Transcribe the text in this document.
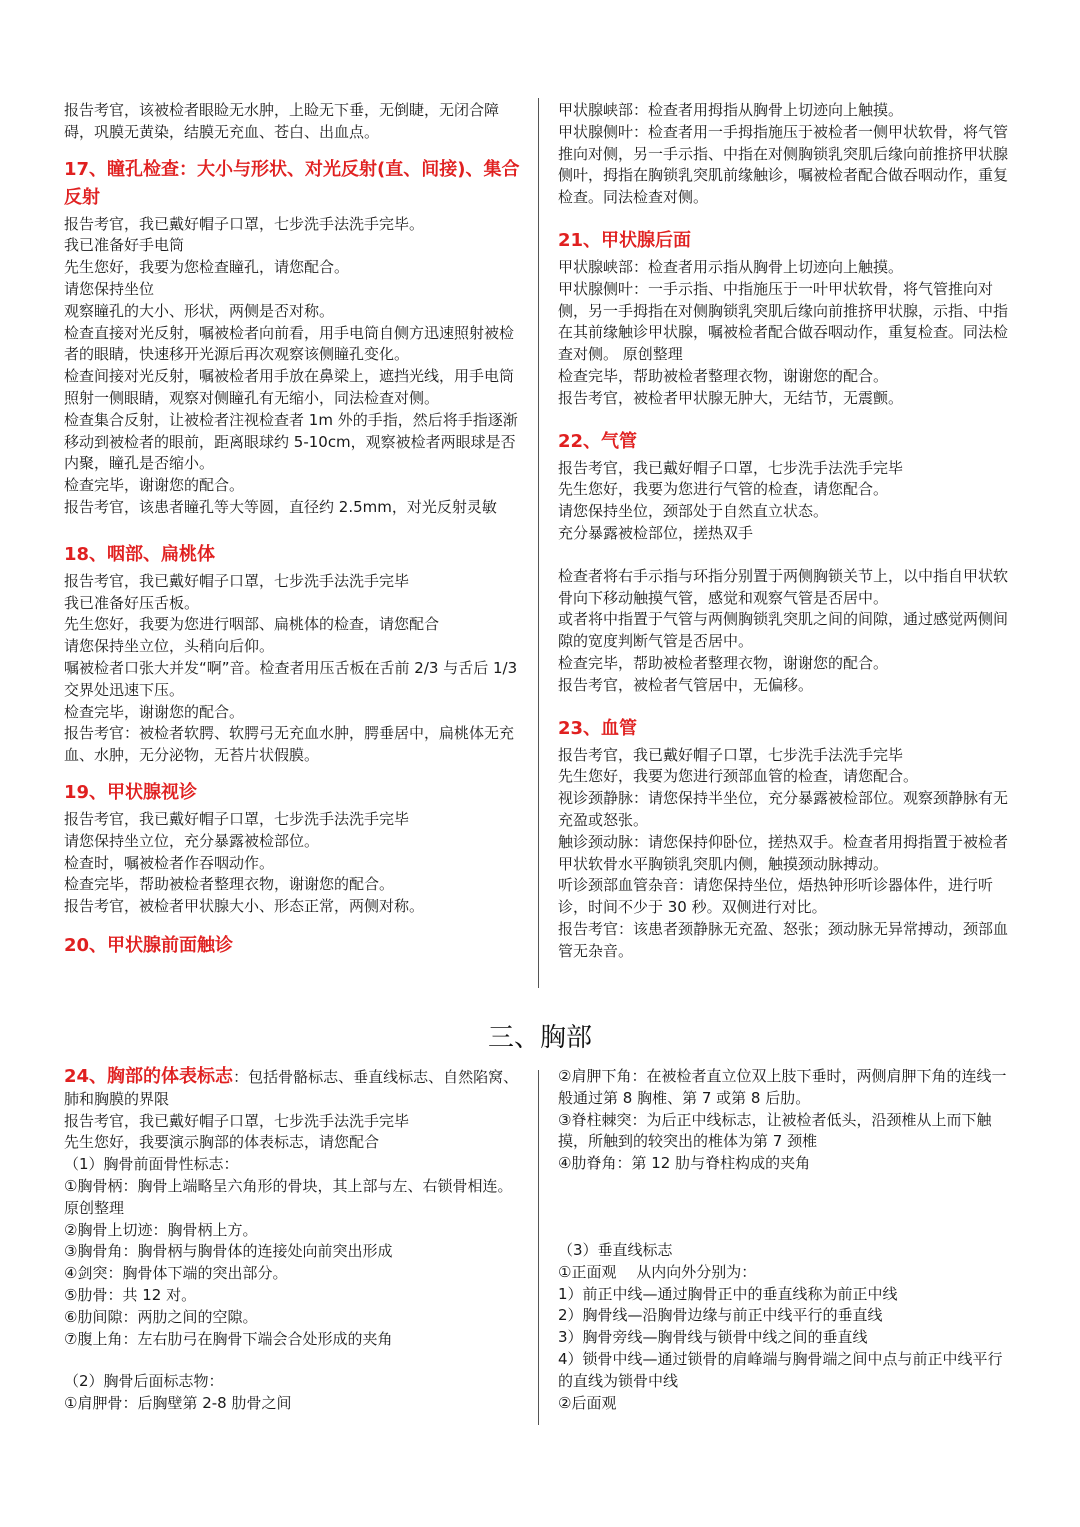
报告考官，该被检者眼睑无水肿，上睑无下垂，无倒睫，无闭合障碍，巩膜无黄染，结膜无充血、苍白、出血点。

17、瞳孔检查：大小与形状、对光反射(直、间接)、集合反射

报告考官，我已戴好帽子口罩，七步洗手法洗手完毕。

我已准备好手电筒

先生您好，我要为您检查瞳孔，请您配合。

请您保持坐位

观察瞳孔的大小、形状，两侧是否对称。

检查直接对光反射，嘱被检者向前看，用手电筒自侧方迅速照射被检者的眼睛，快速移开光源后再次观察该侧瞳孔变化。

检查间接对光反射，嘱被检者用手放在鼻梁上，遮挡光线，用手电筒照射一侧眼睛，观察对侧瞳孔有无缩小，同法检查对侧。

检查集合反射，让被检者注视检查者 1m 外的手指，然后将手指逐渐移动到被检者的眼前，距离眼球约 5-10cm，观察被检者两眼球是否内聚，瞳孔是否缩小。

检查完毕，谢谢您的配合。

报告考官，该患者瞳孔等大等圆，直径约 2.5mm，对光反射灵敏

18、咽部、扁桃体

报告考官，我已戴好帽子口罩，七步洗手法洗手完毕

我已准备好压舌板。

先生您好，我要为您进行咽部、扁桃体的检查，请您配合

请您保持坐立位，头稍向后仰。

嘱被检者口张大并发“啊”音。检查者用压舌板在舌前 2/3 与舌后 1/3 交界处迅速下压。

检查完毕，谢谢您的配合。

报告考官：被检者软腭、软腭弓无充血水肿，腭垂居中，扁桃体无充血、水肿，无分泌物，无苔片状假膜。

19、甲状腺视诊

报告考官，我已戴好帽子口罩，七步洗手法洗手完毕

请您保持坐立位，充分暴露被检部位。

检查时，嘱被检者作吞咽动作。

检查完毕，帮助被检者整理衣物，谢谢您的配合。

报告考官，被检者甲状腺大小、形态正常，两侧对称。

20、甲状腺前面触诊

甲状腺峡部：检查者用拇指从胸骨上切迹向上触摸。

甲状腺侧叶：检查者用一手拇指施压于被检者一侧甲状软骨，将气管推向对侧，另一手示指、中指在对侧胸锁乳突肌后缘向前推挤甲状腺侧叶，拇指在胸锁乳突肌前缘触诊，嘱被检者配合做吞咽动作，重复检查。同法检查对侧。

21、甲状腺后面

甲状腺峡部：检查者用示指从胸骨上切迹向上触摸。

甲状腺侧叶：一手示指、中指施压于一叶甲状软骨，将气管推向对侧，另一手拇指在对侧胸锁乳突肌后缘向前推挤甲状腺，示指、中指在其前缘触诊甲状腺，嘱被检者配合做吞咽动作，重复检查。同法检查对侧。 原创整理

检查完毕，帮助被检者整理衣物，谢谢您的配合。

报告考官，被检者甲状腺无肿大，无结节，无震颤。

22、气管

报告考官，我已戴好帽子口罩，七步洗手法洗手完毕

先生您好，我要为您进行气管的检查，请您配合。

请您保持坐位，颈部处于自然直立状态。

充分暴露被检部位，搓热双手

检查者将右手示指与环指分别置于两侧胸锁关节上，以中指自甲状软骨向下移动触摸气管，感觉和观察气管是否居中。

或者将中指置于气管与两侧胸锁乳突肌之间的间隙，通过感觉两侧间隙的宽度判断气管是否居中。

检查完毕，帮助被检者整理衣物，谢谢您的配合。

报告考官，被检者气管居中，无偏移。

23、血管

报告考官，我已戴好帽子口罩，七步洗手法洗手完毕

先生您好，我要为您进行颈部血管的检查，请您配合。

视诊颈静脉：请您保持半坐位，充分暴露被检部位。观察颈静脉有无充盈或怒张。

触诊颈动脉：请您保持仰卧位，搓热双手。检查者用拇指置于被检者甲状软骨水平胸锁乳突肌内侧，触摸颈动脉搏动。

听诊颈部血管杂音：请您保持坐位，焐热钟形听诊器体件，进行听诊，时间不少于 30 秒。双侧进行对比。

报告考官：该患者颈静脉无充盈、怒张；颈动脉无异常搏动，颈部血管无杂音。

三、胸部

24、胸部的体表标志：包括骨骼标志、垂直线标志、自然陷窝、肺和胸膜的界限

报告考官，我已戴好帽子口罩，七步洗手法洗手完毕

先生您好，我要演示胸部的体表标志，请您配合

（1）胸骨前面骨性标志：

①胸骨柄：胸骨上端略呈六角形的骨块，其上部与左、右锁骨相连。 原创整理

②胸骨上切迹：胸骨柄上方。

③胸骨角：胸骨柄与胸骨体的连接处向前突出形成

④剑突：胸骨体下端的突出部分。

⑤肋骨：共 12 对。

⑥肋间隙：两肋之间的空隙。

⑦腹上角：左右肋弓在胸骨下端会合处形成的夹角

（2）胸骨后面标志物：

①肩胛骨：后胸壁第 2-8 肋骨之间

②肩胛下角：在被检者直立位双上肢下垂时，两侧肩胛下角的连线一般通过第 8 胸椎、第 7 或第 8 后肋。

③脊柱棘突：为后正中线标志，让被检者低头，沿颈椎从上而下触摸，所触到的较突出的椎体为第 7 颈椎

④肋脊角：第 12 肋与脊柱构成的夹角

（3）垂直线标志

①正面观　 从内向外分别为：

1）前正中线—通过胸骨正中的垂直线称为前正中线

2）胸骨线—沿胸骨边缘与前正中线平行的垂直线

3）胸骨旁线—胸骨线与锁骨中线之间的垂直线

4）锁骨中线—通过锁骨的肩峰端与胸骨端之间中点与前正中线平行的直线为锁骨中线

②后面观
